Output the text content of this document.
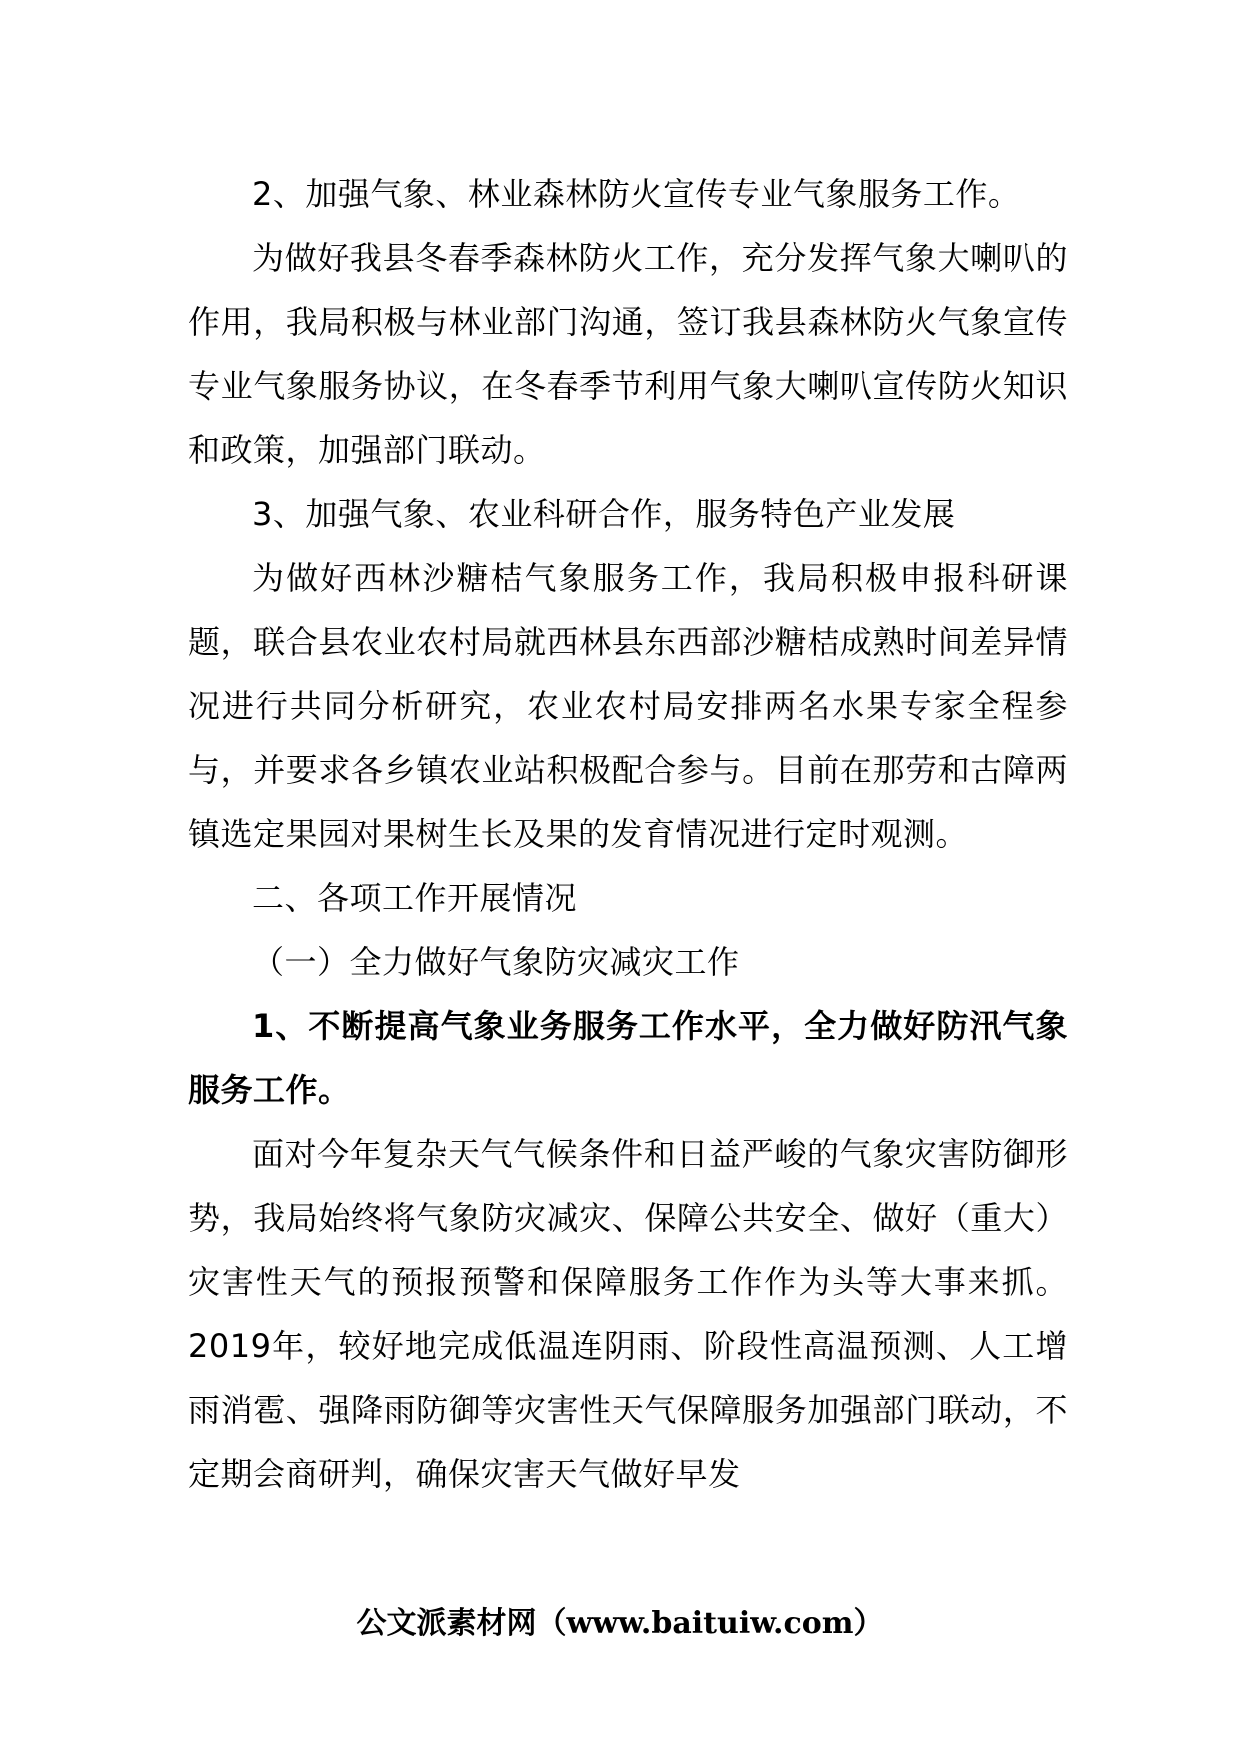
2、加强气象、林业森林防火宣传专业气象服务工作。

为做好我县冬春季森林防火工作，充分发挥气象大喇叭的作用，我局积极与林业部门沟通，签订我县森林防火气象宣传专业气象服务协议，在冬春季节利用气象大喇叭宣传防火知识和政策，加强部门联动。

3、加强气象、农业科研合作，服务特色产业发展

为做好西林沙糖桔气象服务工作，我局积极申报科研课题，联合县农业农村局就西林县东西部沙糖桔成熟时间差异情况进行共同分析研究，农业农村局安排两名水果专家全程参与，并要求各乡镇农业站积极配合参与。目前在那劳和古障两镇选定果园对果树生长及果的发育情况进行定时观测。

二、各项工作开展情况

（一）全力做好气象防灾减灾工作

1、不断提高气象业务服务工作水平，全力做好防汛气象服务工作。

面对今年复杂天气气候条件和日益严峻的气象灾害防御形势，我局始终将气象防灾减灾、保障公共安全、做好（重大）灾害性天气的预报预警和保障服务工作作为头等大事来抓。2019年，较好地完成低温连阴雨、阶段性高温预测、人工增雨消雹、强降雨防御等灾害性天气保障服务加强部门联动，不定期会商研判，确保灾害天气做好早发

公文派素材网（www.baituiw.com）
